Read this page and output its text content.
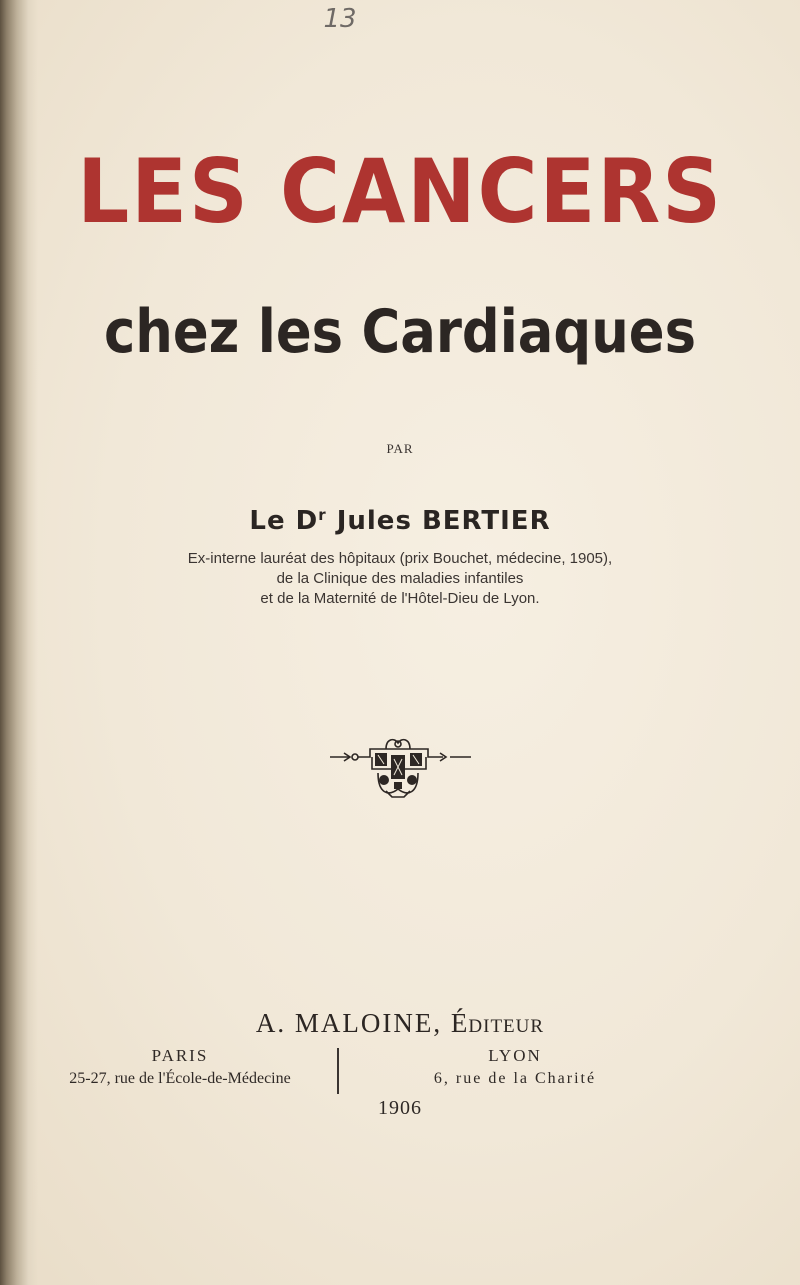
13
LES CANCERS
chez les Cardiaques
PAR
Le $D^r$ Jules BERTIER
Ex-interne lauréat des hôpitaux (prix Bouchet, médecine, 1905),
de la Clinique des maladies infantiles
et de la Maternité de l'Hôtel-Dieu de Lyon.
A. MALOINE, Éditeur
PARIS
25-27, rue de l'École-de-Médecine
LYON
6, rue de la Charité
1906
